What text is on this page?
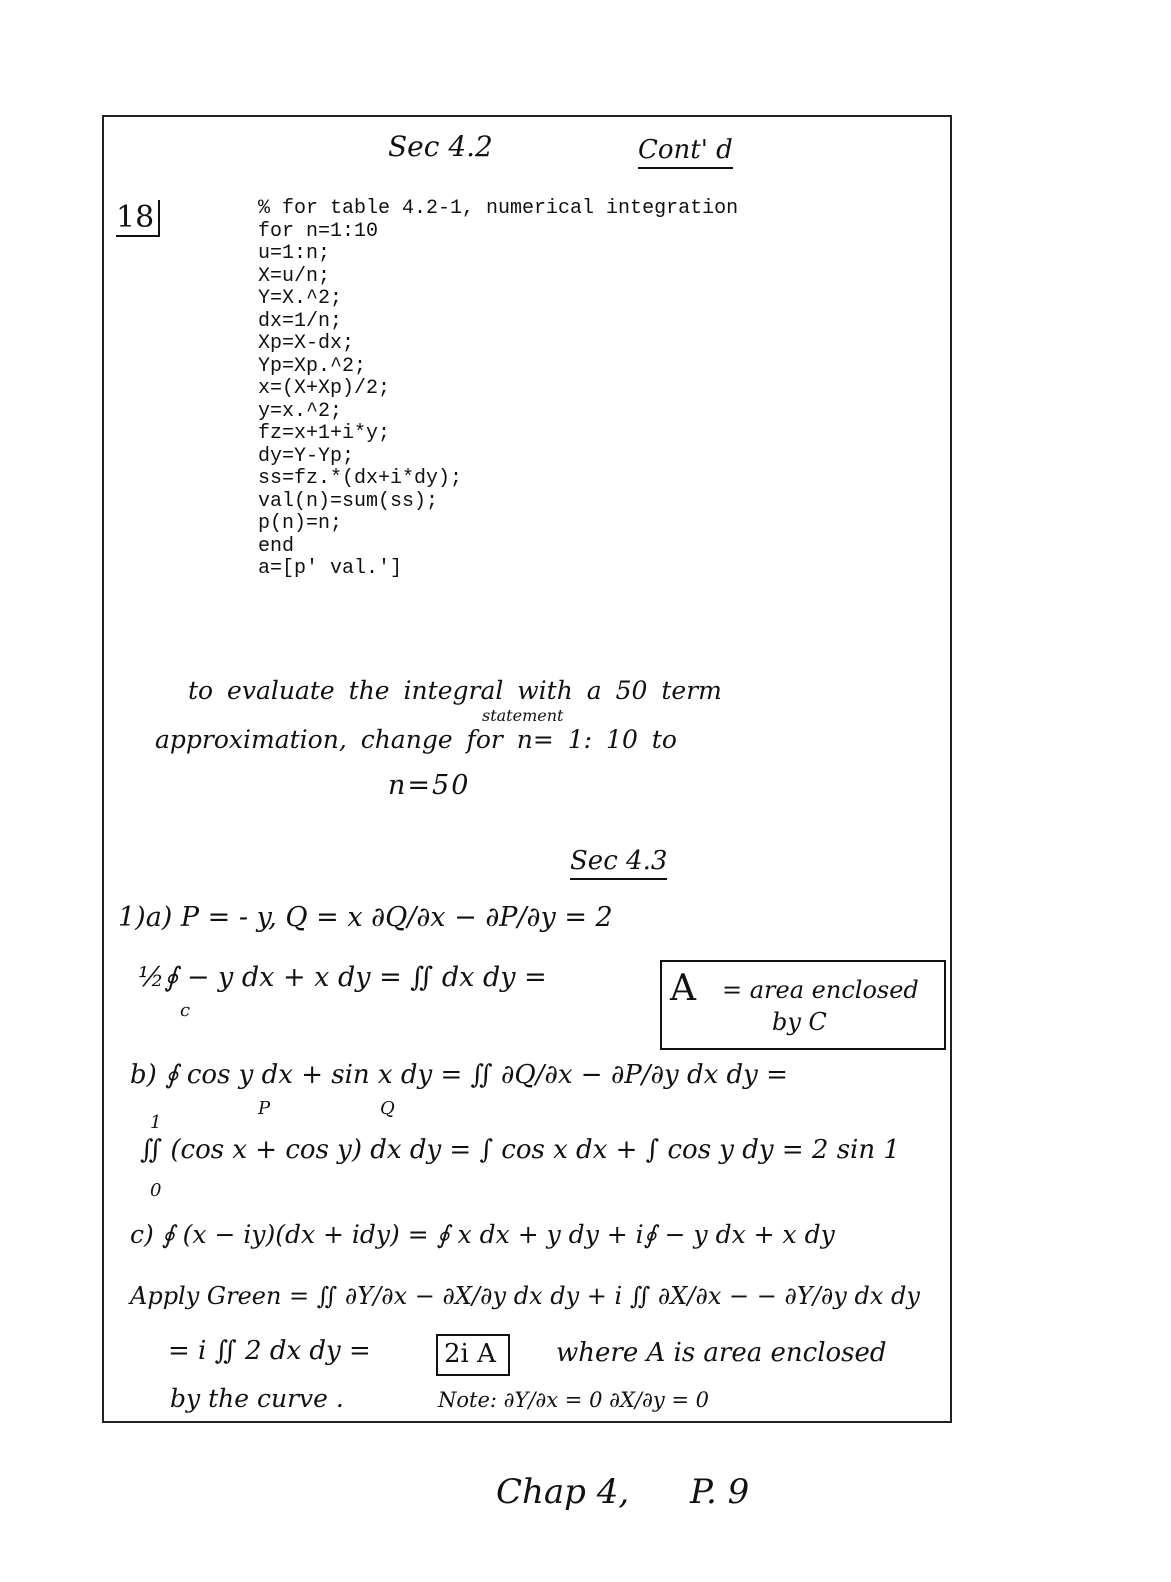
Sec 4.2	Cont' d
18	% for table 4.2-1, numerical integration
for n=1:10
u=1:n;
X=u/n;
Y=X.^2;
dx=1/n;
Xp=X-dx;
Yp=Xp.^2;
x=(X+Xp)/2;
y=x.^2;
fz=x+1+i*y;
dy=Y-Yp;
ss=fz.*(dx+i*dy);
val(n)=sum(ss);
p(n)=n;
end
a=[p' val.']
to evaluate the integral with a 50 term
statement
approximation, change for n= 1: 10 to
n=50
Sec 4.3
1)a) P = - y, Q = x ∂Q/∂x − ∂P/∂y = 2
½∮ − y dx + x dy = ∬ dx dy =
c
A = area enclosed
by C
b) ∮ cos y dx + sin x dy = ∬ ∂Q/∂x − ∂P/∂y dx dy =
P	Q
1
∬ (cos x + cos y) dx dy = ∫ cos x dx + ∫ cos y dy = 2 sin 1
0
c) ∮ (x − iy)(dx + idy) = ∮ x dx + y dy + i∮ − y dx + x dy
Apply Green = ∬ ∂Y/∂x − ∂X/∂y dx dy + i ∬ ∂X/∂x − − ∂Y/∂y dx dy
= i ∬ 2 dx dy =	2i A where A is area enclosed
by the curve .	Note: ∂Y/∂x = 0 ∂X/∂y = 0
Chap 4, P. 9
